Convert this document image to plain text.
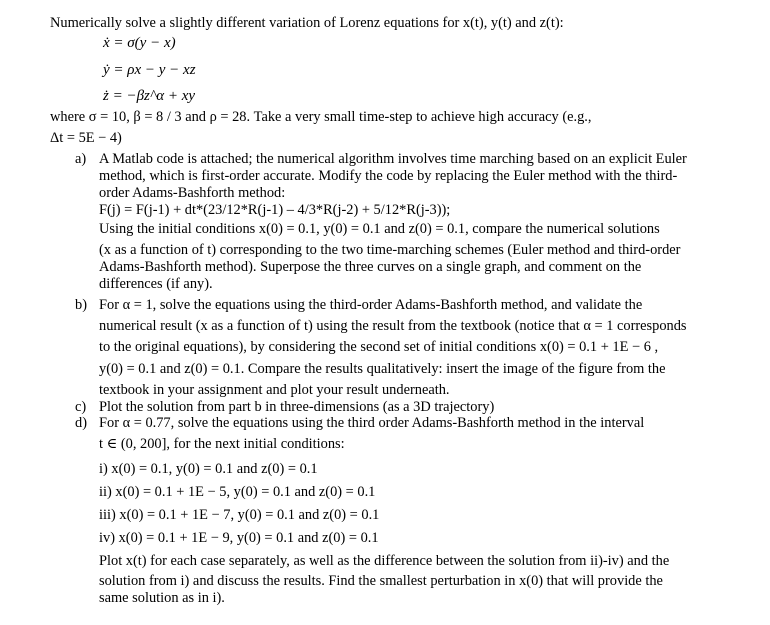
Numerically solve a slightly different variation of Lorenz equations for x(t), y(t) and z(t):
ẋ = σ(y − x)
ẏ = ρx − y − xz
ż = −βz^α + xy
where σ = 10, β = 8 / 3 and ρ = 28. Take a very small time-step to achieve high accuracy (e.g.,
Δt = 5E − 4)
a) A Matlab code is attached; the numerical algorithm involves time marching based on an explicit Euler
method, which is first-order accurate. Modify the code by replacing the Euler method with the third-
order Adams-Bashforth method:
F(j) = F(j-1) + dt*(23/12*R(j-1) – 4/3*R(j-2) + 5/12*R(j-3));
Using the initial conditions x(0) = 0.1, y(0) = 0.1 and z(0) = 0.1, compare the numerical solutions
(x as a function of t) corresponding to the two time-marching schemes (Euler method and third-order
Adams-Bashforth method). Superpose the three curves on a single graph, and comment on the
differences (if any).
b) For α = 1, solve the equations using the third-order Adams-Bashforth method, and validate the
numerical result (x as a function of t) using the result from the textbook (notice that α = 1 corresponds
to the original equations), by considering the second set of initial conditions x(0) = 0.1 + 1E − 6 ,
y(0) = 0.1 and z(0) = 0.1. Compare the results qualitatively: insert the image of the figure from the
textbook in your assignment and plot your result underneath.
c) Plot the solution from part b in three-dimensions (as a 3D trajectory)
d) For α = 0.77, solve the equations using the third order Adams-Bashforth method in the interval
t ∈ (0, 200], for the next initial conditions:
i) x(0) = 0.1, y(0) = 0.1 and z(0) = 0.1
ii) x(0) = 0.1 + 1E − 5, y(0) = 0.1 and z(0) = 0.1
iii) x(0) = 0.1 + 1E − 7, y(0) = 0.1 and z(0) = 0.1
iv) x(0) = 0.1 + 1E − 9, y(0) = 0.1 and z(0) = 0.1
Plot x(t) for each case separately, as well as the difference between the solution from ii)-iv) and the
solution from i) and discuss the results. Find the smallest perturbation in x(0) that will provide the
same solution as in i).
